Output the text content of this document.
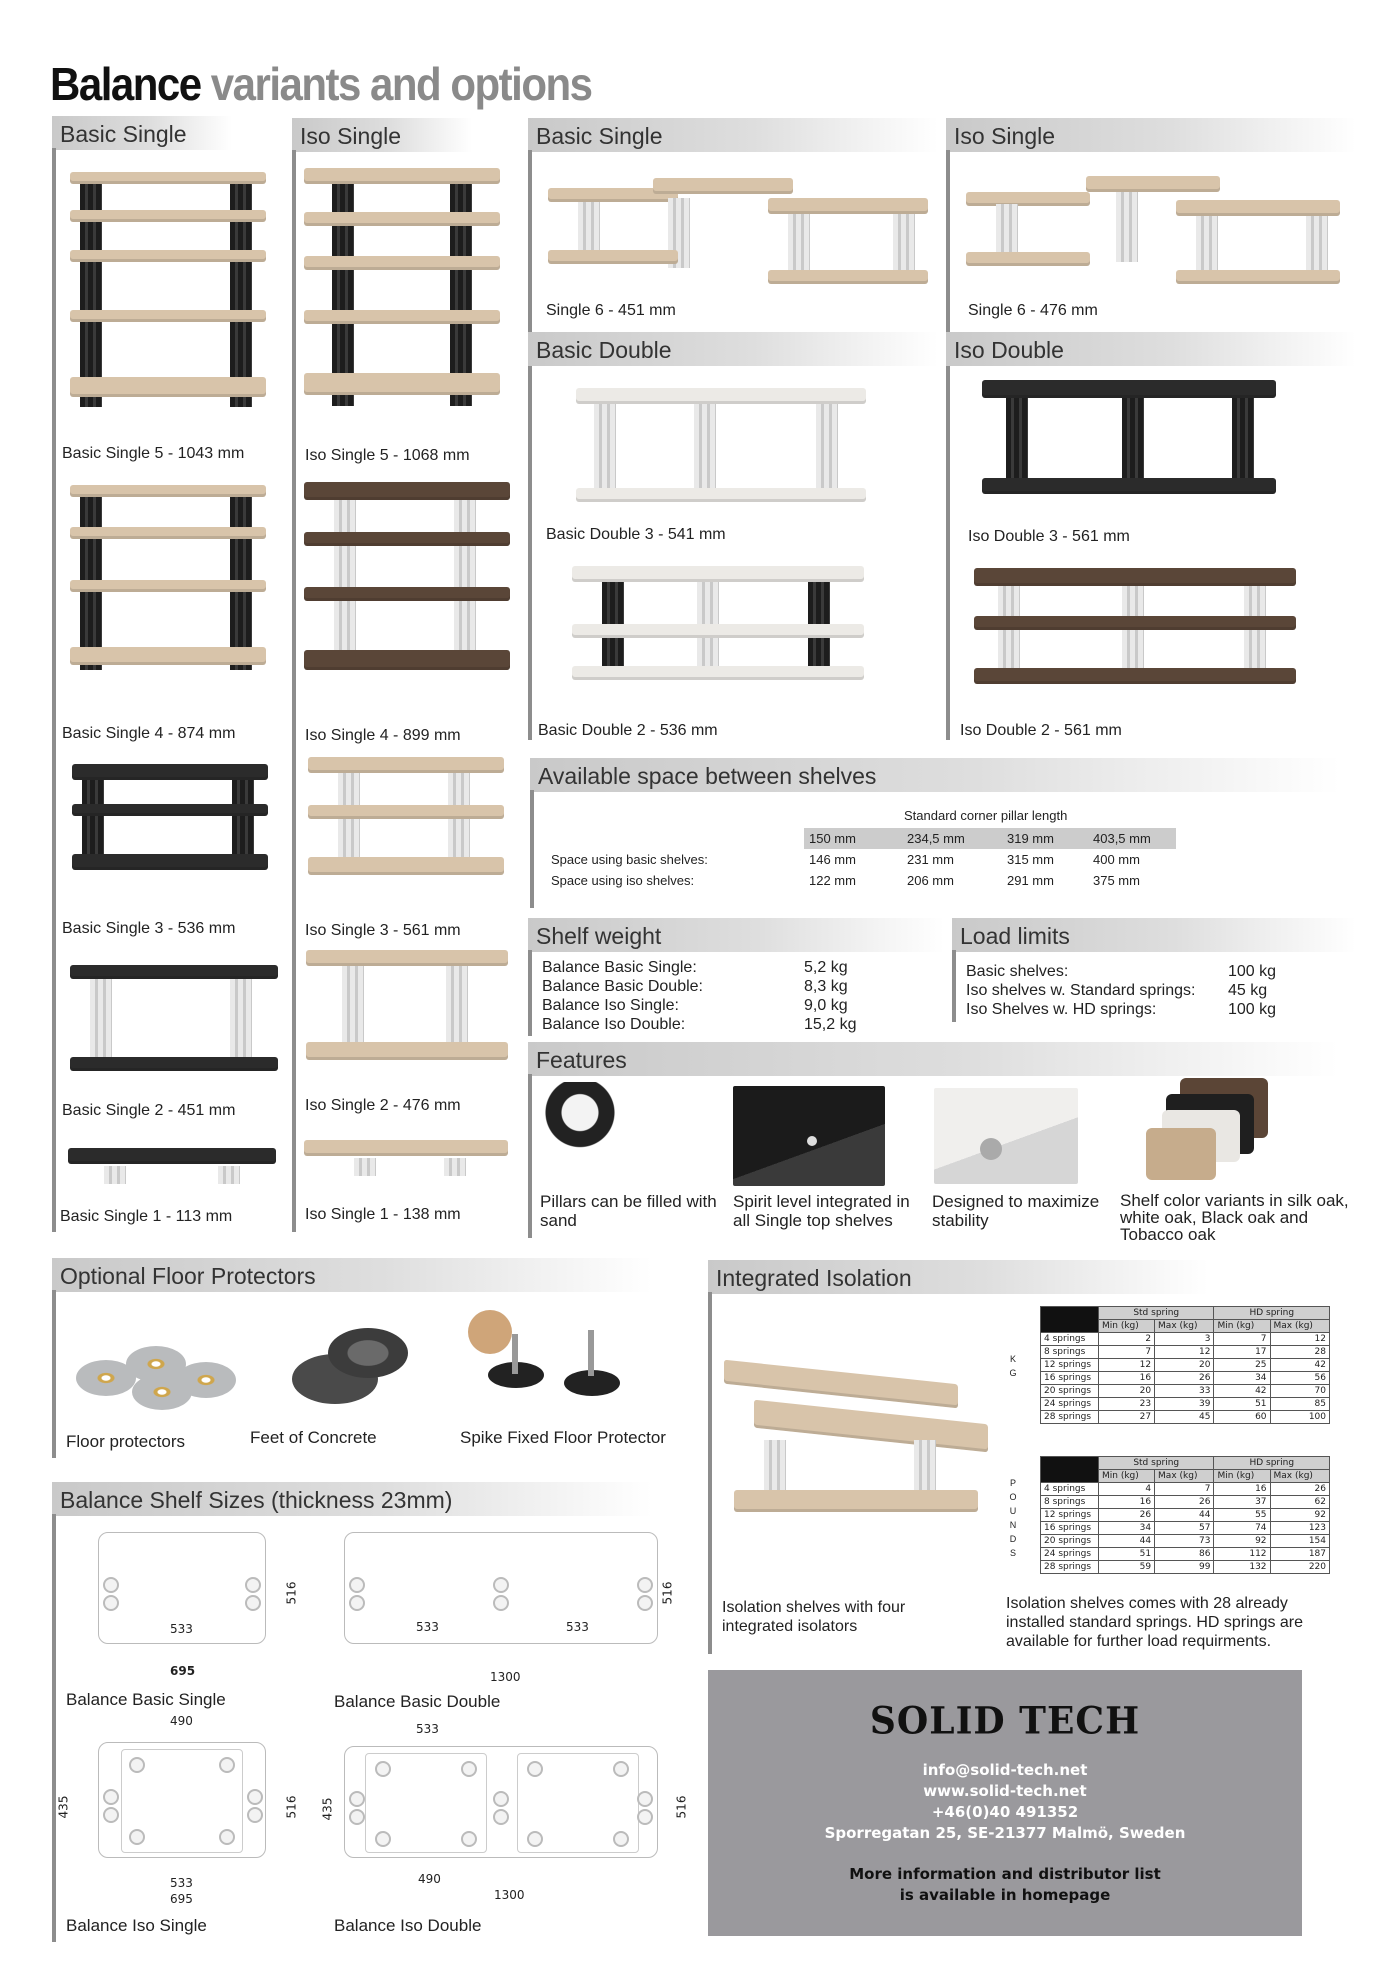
Balance variants and options
Basic Single	Iso Single
Basic Single 5 - 1043 mm
Basic Single 4 - 874 mm
Basic Single 3 - 536 mm
Basic Single 2 - 451 mm
Basic Single 1 - 113 mm
Iso Single 5 - 1068 mm
Iso Single 4 - 899 mm
Iso Single 3 - 561 mm
Iso Single 2 - 476 mm
Iso Single 1 - 138 mm
Basic Single	Iso Single
Single 6 - 451 mm	Single 6 - 476 mm
Basic Double	Iso Double
Basic Double 3 - 541 mm
Basic Double 2 - 536 mm
Iso Double 3 - 561 mm
Iso Double 2 - 561 mm
Available space between shelves
Standard corner pillar length
	150 mm	234,5 mm	319 mm	403,5 mm
Space using basic shelves:	146 mm	231 mm	315 mm	400 mm
Space using iso shelves:	122 mm	206 mm	291 mm	375 mm
Shelf weight
Balance Basic Single:	5,2 kg
Balance Basic Double:	8,3 kg
Balance Iso Single:	9,0 kg
Balance Iso Double:	15,2 kg
Load limits
Basic shelves:	100 kg
Iso shelves w. Standard springs: 45 kg
Iso Shelves w. HD springs:	100 kg
Features
Pillars can be filled with sand
Spirit level integrated in all Single top shelves
Designed to maximize stability
Shelf color variants in silk oak, white oak, Black oak and Tobacco oak
Optional Floor Protectors
Floor protectors	Feet of Concrete	Spike Fixed Floor Protector
Integrated Isolation
Isolation shelves with four integrated isolators
Isolation shelves comes with 28 already installed standard springs. HD springs are available for further load requirments.
K
G
	Std spring		HD spring	
	Min (kg)	Max (kg)	Min (kg)	Max (kg)
4 springs	2	3	7	12
8 springs	7	12	17	28
12 springs	12	20	25	42
16 springs	16	26	34	56
20 springs	20	33	42	70
24 springs	23	39	51	85
28 springs	27	45	60	100
P
O
U
N
D
S
	Std spring		HD spring	
	Min (kg)	Max (kg)	Min (kg)	Max (kg)
4 springs	4	7	16	26
8 springs	16	26	37	62
12 springs	26	44	55	92
16 springs	34	57	74	123
20 springs	44	73	92	154
24 springs	51	86	112	187
28 springs	59	99	132	220
Balance Shelf Sizes (thickness 23mm)
533
695
516
Balance Basic Single
533	533
1300
516
Balance Basic Double
490
435	516
533
695
Balance Iso Single
533
435	516
490
1300
Balance Iso Double
SOLID TECH
info@solid-tech.net
www.solid-tech.net
+46(0)40 491352
Sporregatan 25, SE-21377 Malmö, Sweden
More information and distributor list
is available in homepage
